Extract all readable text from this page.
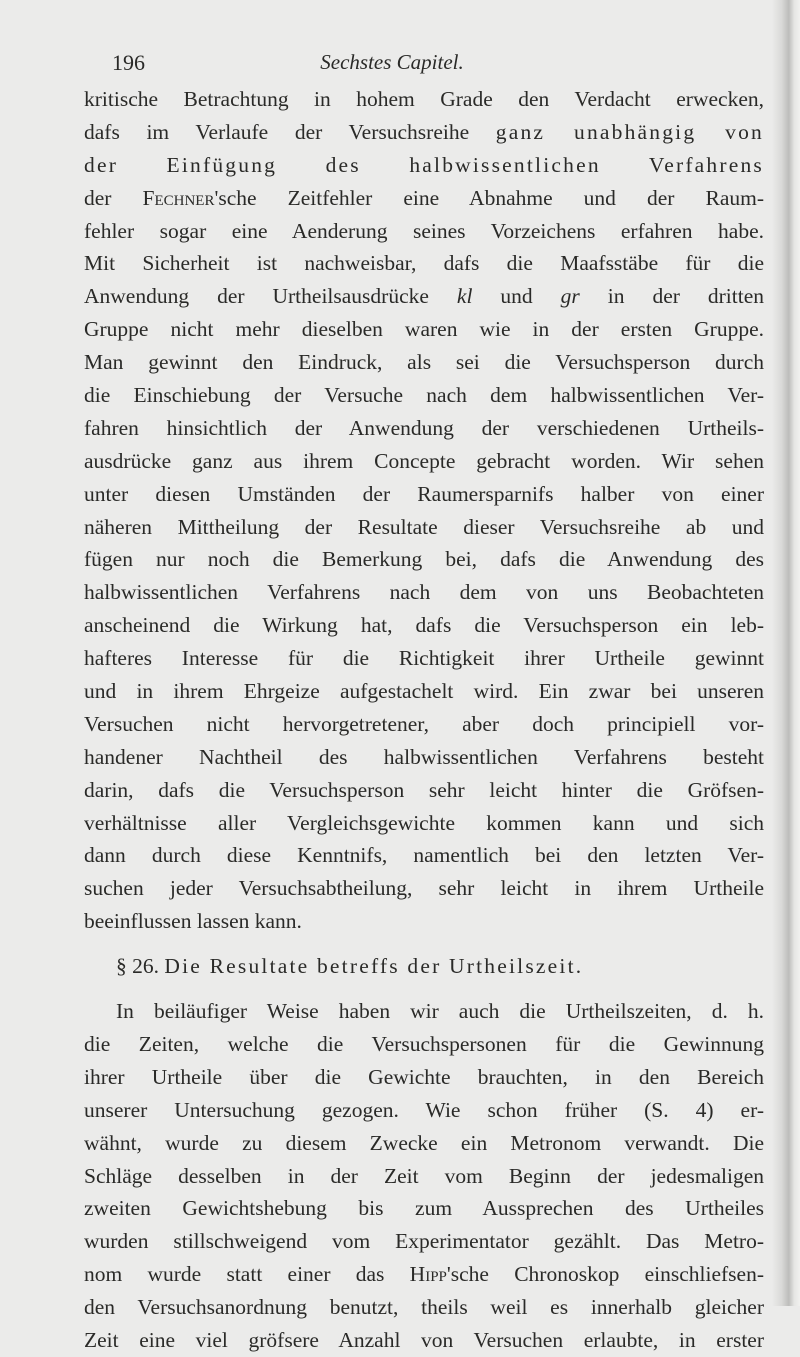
196	Sechstes Capitel.
kritische Betrachtung in hohem Grade den Verdacht erwecken,
dafs im Verlaufe der Versuchsreihe ganz unabhängig von
der Einfügung des halbwissentlichen Verfahrens
der Fechner'sche Zeitfehler eine Abnahme und der Raum-
fehler sogar eine Aenderung seines Vorzeichens erfahren habe.
Mit Sicherheit ist nachweisbar, dafs die Maafsstäbe für die
Anwendung der Urtheilsausdrücke kl und gr in der dritten
Gruppe nicht mehr dieselben waren wie in der ersten Gruppe.
Man gewinnt den Eindruck, als sei die Versuchsperson durch
die Einschiebung der Versuche nach dem halbwissentlichen Ver-
fahren hinsichtlich der Anwendung der verschiedenen Urtheils-
ausdrücke ganz aus ihrem Concepte gebracht worden. Wir sehen
unter diesen Umständen der Raumersparnifs halber von einer
näheren Mittheilung der Resultate dieser Versuchsreihe ab und
fügen nur noch die Bemerkung bei, dafs die Anwendung des
halbwissentlichen Verfahrens nach dem von uns Beobachteten
anscheinend die Wirkung hat, dafs die Versuchsperson ein leb-
hafteres Interesse für die Richtigkeit ihrer Urtheile gewinnt
und in ihrem Ehrgeize aufgestachelt wird. Ein zwar bei unseren
Versuchen nicht hervorgetretener, aber doch principiell vor-
handener Nachtheil des halbwissentlichen Verfahrens besteht
darin, dafs die Versuchsperson sehr leicht hinter die Gröfsen-
verhältnisse aller Vergleichsgewichte kommen kann und sich
dann durch diese Kenntnifs, namentlich bei den letzten Ver-
suchen jeder Versuchsabtheilung, sehr leicht in ihrem Urtheile
beeinflussen lassen kann.
§ 26. Die Resultate betreffs der Urtheilszeit.
In beiläufiger Weise haben wir auch die Urtheilszeiten, d. h.
die Zeiten, welche die Versuchspersonen für die Gewinnung
ihrer Urtheile über die Gewichte brauchten, in den Bereich
unserer Untersuchung gezogen. Wie schon früher (S. 4) er-
wähnt, wurde zu diesem Zwecke ein Metronom verwandt. Die
Schläge desselben in der Zeit vom Beginn der jedesmaligen
zweiten Gewichtshebung bis zum Aussprechen des Urtheiles
wurden stillschweigend vom Experimentator gezählt. Das Metro-
nom wurde statt einer das Hipp'sche Chronoskop einschliefsen-
den Versuchsanordnung benutzt, theils weil es innerhalb gleicher
Zeit eine viel gröfsere Anzahl von Versuchen erlaubte, in erster
